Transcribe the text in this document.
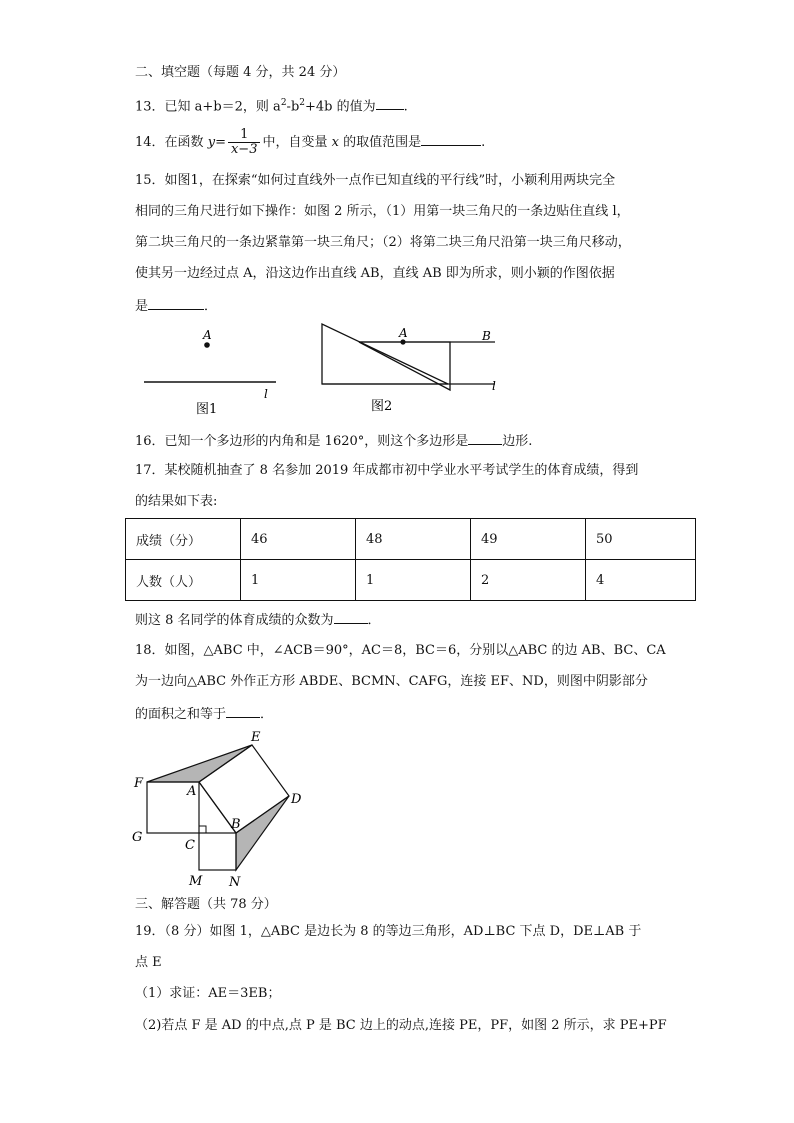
二、填空题（每题 4 分，共 24 分）
13．已知 a+b＝2，则 $a^2-b^2+4b$ 的值为 .
14．在函数 $y= \frac{1}{x-3}$ 中，自变量 x 的取值范围是	.
15．如图1，在探索“如何过直线外一点作已知直线的平行线”时，小颖利用两块完全
相同的三角尺进行如下操作：如图 2 所示，（1）用第一块三角尺的一条边贴住直线 l，
第二块三角尺的一条边紧靠第一块三角尺；（2）将第二块三角尺沿第一块三角尺移动，
使其另一边经过点 A，沿这边作出直线 AB，直线 AB 即为所求，则小颖的作图依据
是	．
A
l
图1
A	B
l
图2
16．已知一个多边形的内角和是 1620°，则这个多边形是	边形.
17．某校随机抽查了 8 名参加 2019 年成都市初中学业水平考试学生的体育成绩，得到
的结果如下表:
成绩（分）	46	48	49	50
人数（人）	1	1	2	4
则这 8 名同学的体育成绩的众数为	．
18．如图，△ABC 中，∠ACB＝90°，AC＝8，BC＝6，分别以△ABC 的边 AB、BC、CA
为一边向△ABC 外作正方形 ABDE、BCMN、CAFG，连接 EF、ND，则图中阴影部分
的面积之和等于	．
E
F
A
D
B
G
C
M N
三、解答题（共 78 分）
19．（8 分）如图 1，△ABC 是边长为 8 的等边三角形，AD⊥BC 下点 D，DE⊥AB 于
点 E
（1）求证：AE＝3EB；
（2)若点 F 是 AD 的中点,点 P 是 BC 边上的动点,连接 PE，PF，如图 2 所示，求 PE+PF
